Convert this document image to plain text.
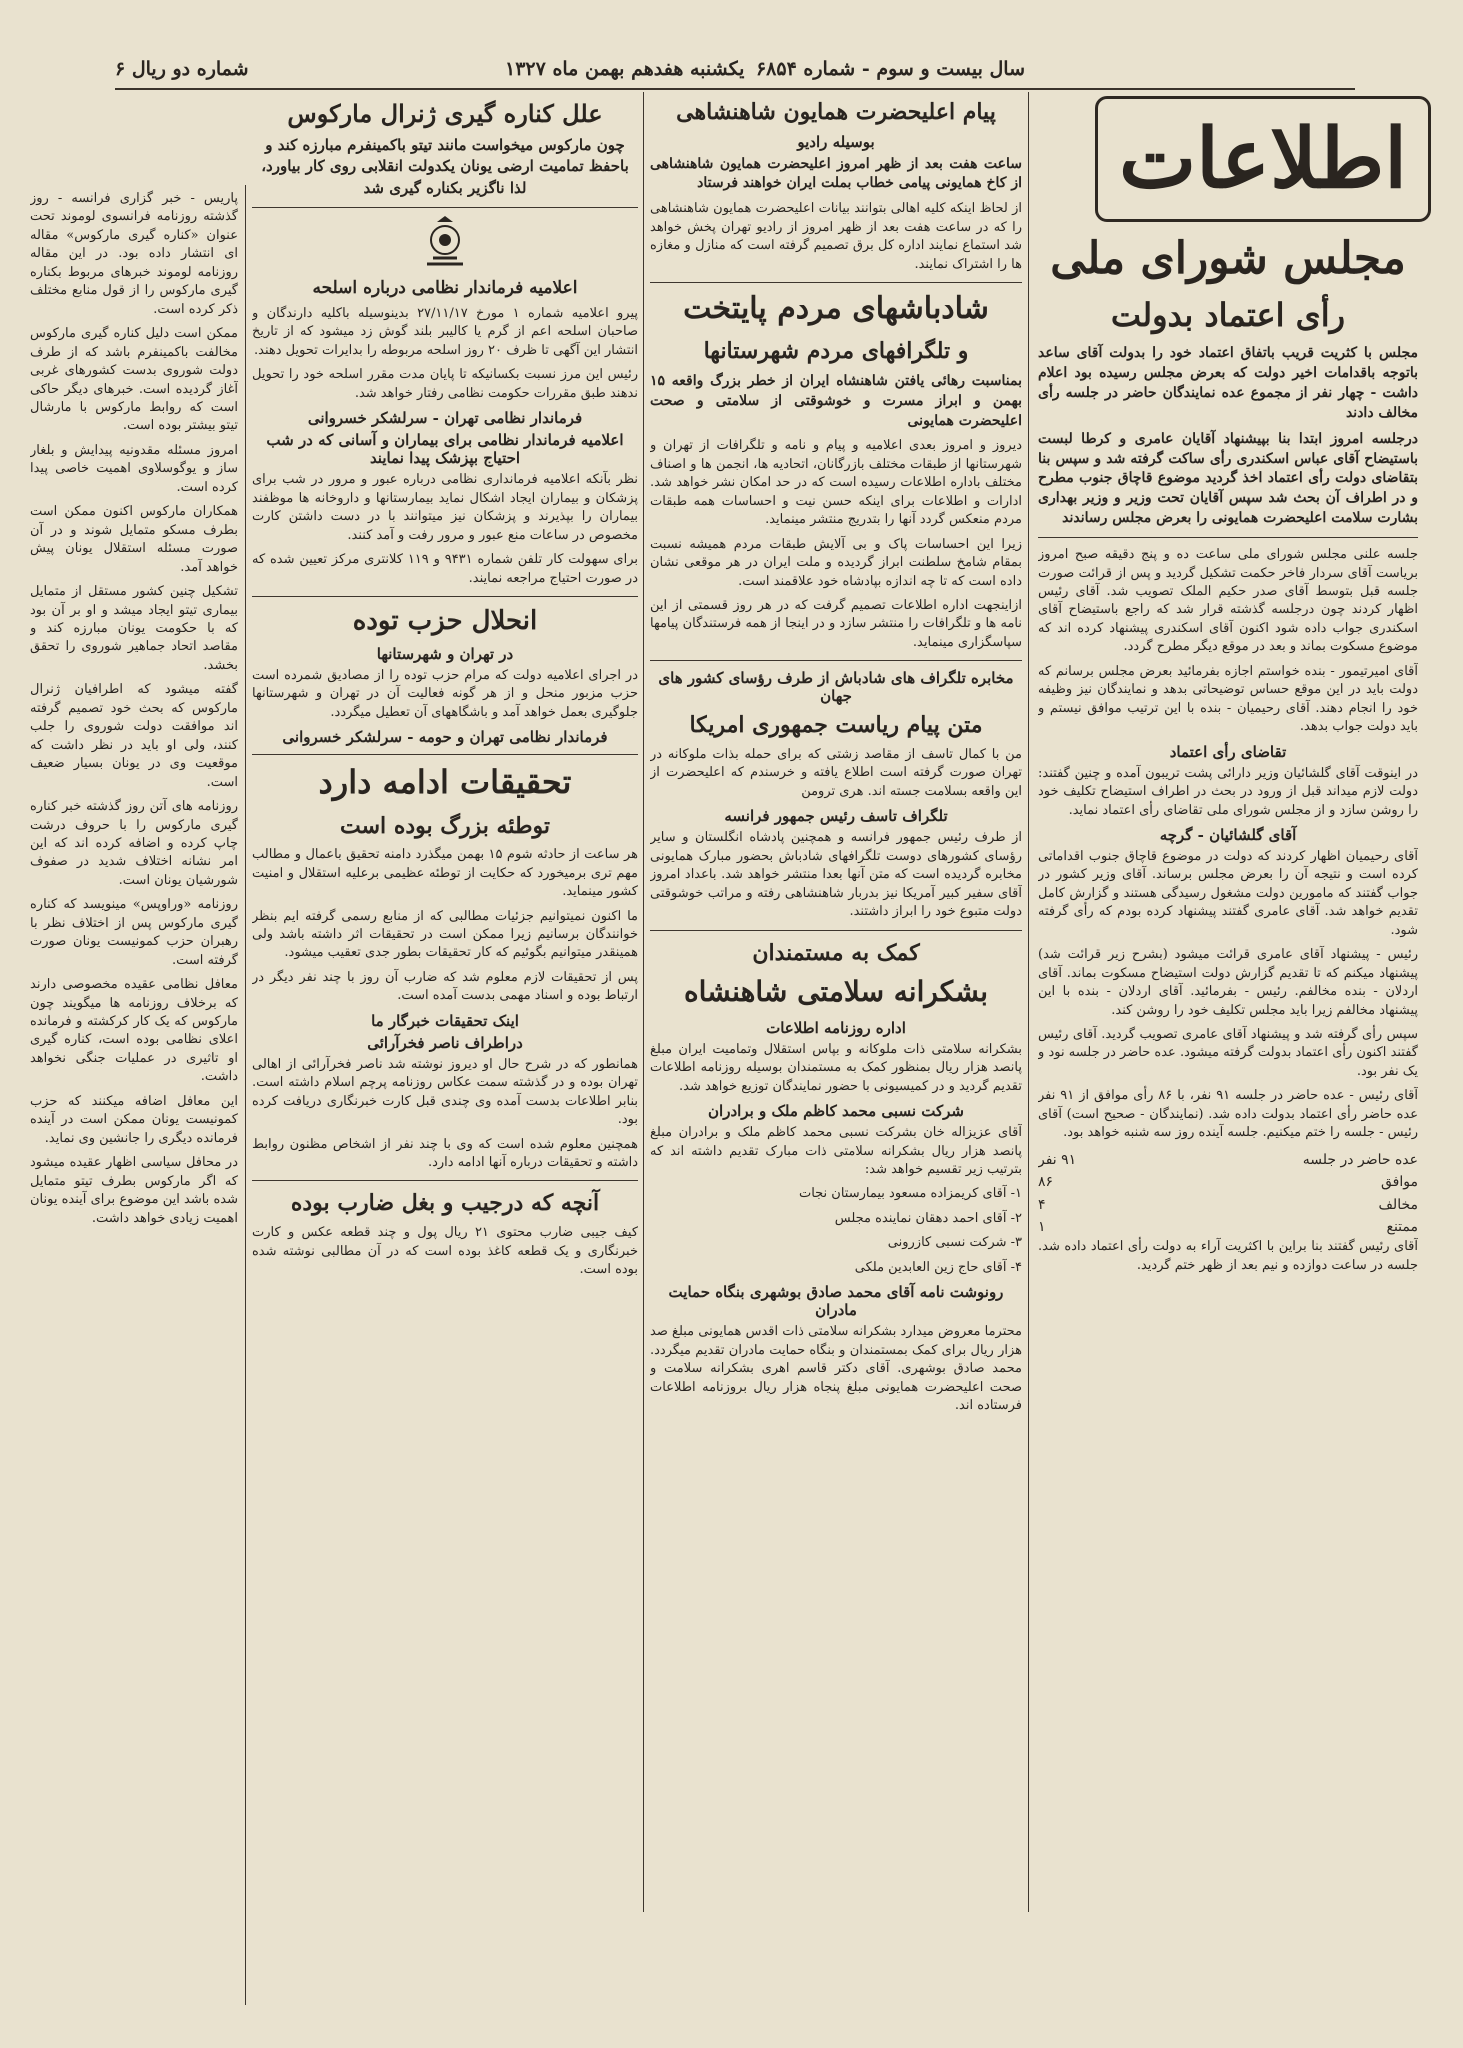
سال بیست و سوم - شماره ۶۸۵۴
یکشنبه هفدهم بهمن ماه ۱۳۲۷
۶ شماره دو ریال
اطلاعات
مجلس شورای ملی
رأی اعتماد بدولت
مجلس با کثریت قریب باتفاق اعتماد خود را بدولت آقای ساعد باتوجه باقدامات اخیر دولت که بعرض مجلس رسیده بود اعلام داشت - چهار نفر از مجموع عده نمایندگان حاضر در جلسه رأی مخالف دادند
درجلسه امروز ابتدا بنا بپیشنهاد آقایان عامری و کرطا لبست باستیضاح آقای عباس اسکندری رأی ساکت گرفته شد و سپس بنا بتقاضای دولت رأی اعتماد اخذ گردید موضوع قاچاق جنوب مطرح و در اطراف آن بحث شد سپس آقایان تحت وزیر و وزیر بهداری بشارت سلامت اعلیحضرت همایونی را بعرض مجلس رساندند
جلسه علنی مجلس شورای ملی ساعت ده و پنج دقیقه صبح امروز بریاست آقای سردار فاخر حکمت تشکیل گردید و پس از قرائت صورت جلسه قبل بتوسط آقای صدر حکیم الملک تصویب شد. آقای رئیس اظهار کردند چون درجلسه گذشته قرار شد که راجع باستیضاح آقای اسکندری جواب داده شود اکنون آقای اسکندری پیشنهاد کرده اند که موضوع مسکوت بماند و بعد در موقع دیگر مطرح گردد.
آقای امیرتیمور - بنده خواستم اجازه بفرمائید بعرض مجلس برسانم که دولت باید در این موقع حساس توضیحاتی بدهد و نمایندگان نیز وظیفه خود را انجام دهند. آقای رحیمیان - بنده با این ترتیب موافق نیستم و باید دولت جواب بدهد.
تقاضای رأی اعتماد
در اینوقت آقای گلشائیان وزیر دارائی پشت تریبون آمده و چنین گفتند: دولت لازم میداند قبل از ورود در بحث در اطراف استیضاح تکلیف خود را روشن سازد و از مجلس شورای ملی تقاضای رأی اعتماد نماید.
آقای گلشائیان - گرچه
آقای رحیمیان اظهار کردند که دولت در موضوع قاچاق جنوب اقداماتی کرده است و نتیجه آن را بعرض مجلس برساند. آقای وزیر کشور در جواب گفتند که مامورین دولت مشغول رسیدگی هستند و گزارش کامل تقدیم خواهد شد. آقای عامری گفتند پیشنهاد کرده بودم که رأی گرفته شود.
رئیس - پیشنهاد آقای عامری قرائت میشود (بشرح زیر قرائت شد) پیشنهاد میکنم که تا تقدیم گزارش دولت استیضاح مسکوت بماند. آقای اردلان - بنده مخالفم. رئیس - بفرمائید. آقای اردلان - بنده با این پیشنهاد مخالفم زیرا باید مجلس تکلیف خود را روشن کند.
سپس رأی گرفته شد و پیشنهاد آقای عامری تصویب گردید. آقای رئیس گفتند اکنون رأی اعتماد بدولت گرفته میشود. عده حاضر در جلسه نود و یک نفر بود.
آقای رئیس - عده حاضر در جلسه ۹۱ نفر، با ۸۶ رأی موافق از ۹۱ نفر عده حاضر رأی اعتماد بدولت داده شد. (نمایندگان - صحیح است) آقای رئیس - جلسه را ختم میکنیم. جلسه آینده روز سه شنبه خواهد بود.
عده حاضر در جلسه
۹۱ نفر
موافق
۸۶
مخالف
۴
ممتنع
۱
آقای رئیس گفتند بنا براین با اکثریت آراء به دولت رأی اعتماد داده شد. جلسه در ساعت دوازده و نیم بعد از ظهر ختم گردید.
پیام اعلیحضرت همایون شاهنشاهی
بوسیله رادیو
ساعت هفت بعد از ظهر امروز اعلیحضرت همایون شاهنشاهی از کاخ همایونی پیامی خطاب بملت ایران خواهند فرستاد
از لحاظ اینکه کلیه اهالی بتوانند بیانات اعلیحضرت همایون شاهنشاهی را که در ساعت هفت بعد از ظهر امروز از رادیو تهران پخش خواهد شد استماع نمایند اداره کل برق تصمیم گرفته است که منازل و مغازه ها را اشتراک نمایند.
شادباشهای مردم پایتخت
و تلگرافهای مردم شهرستانها
بمناسبت رهائی یافتن شاهنشاه ایران از خطر بزرگ واقعه ۱۵ بهمن و ابراز مسرت و خوشوقتی از سلامتی و صحت اعلیحضرت همایونی
دیروز و امروز بعدی اعلامیه و پیام و نامه و تلگرافات از تهران و شهرستانها از طبقات مختلف بازرگانان، اتحادیه ها، انجمن ها و اصناف مختلف باداره اطلاعات رسیده است که در حد امکان نشر خواهد شد. ادارات و اطلاعات برای اینکه حسن نیت و احساسات همه طبقات مردم منعکس گردد آنها را بتدریج منتشر مینماید.
زیرا این احساسات پاک و بی آلایش طبقات مردم همیشه نسبت بمقام شامخ سلطنت ابراز گردیده و ملت ایران در هر موقعی نشان داده است که تا چه اندازه بپادشاه خود علاقمند است.
ازاینجهت اداره اطلاعات تصمیم گرفت که در هر روز قسمتی از این نامه ها و تلگرافات را منتشر سازد و در اینجا از همه فرستندگان پیامها سپاسگزاری مینماید.
مخابره تلگراف های شادباش از طرف رؤسای کشور های جهان
متن پیام ریاست جمهوری امریکا
من با کمال تاسف از مقاصد زشتی که برای حمله بذات ملوکانه در تهران صورت گرفته است اطلاع یافته و خرسندم که اعلیحضرت از این واقعه بسلامت جسته اند. هری ترومن
تلگراف تاسف رئیس جمهور فرانسه
از طرف رئیس جمهور فرانسه و همچنین پادشاه انگلستان و سایر رؤسای کشورهای دوست تلگرافهای شادباش بحضور مبارک همایونی مخابره گردیده است که متن آنها بعدا منتشر خواهد شد. باعداد امروز آقای سفیر کبیر آمریکا نیز بدربار شاهنشاهی رفته و مراتب خوشوقتی دولت متبوع خود را ابراز داشتند.
کمک به مستمندان
بشکرانه سلامتی شاهنشاه
اداره روزنامه اطلاعات
بشکرانه سلامتی ذات ملوکانه و بپاس استقلال وتمامیت ایران مبلغ پانصد هزار ریال بمنظور کمک به مستمندان بوسیله روزنامه اطلاعات تقدیم گردید و در کمیسیونی با حضور نمایندگان توزیع خواهد شد.
شرکت نسبی محمد کاظم ملک و برادران
آقای عزیزاله خان بشرکت نسبی محمد کاظم ملک و برادران مبلغ پانصد هزار ریال بشکرانه سلامتی ذات مبارک تقدیم داشته اند که بترتیب زیر تقسیم خواهد شد:
۱- آقای کریمزاده مسعود بیمارستان نجات
۲- آقای احمد دهقان نماینده مجلس
۳- شرکت نسبی کازرونی
۴- آقای حاج زین العابدین ملکی
رونوشت نامه آقای محمد صادق بوشهری بنگاه حمایت مادران
محترما معروض میدارد بشکرانه سلامتی ذات اقدس همایونی مبلغ صد هزار ریال برای کمک بمستمندان و بنگاه حمایت مادران تقدیم میگردد. محمد صادق بوشهری. آقای دکتر قاسم اهری بشکرانه سلامت و صحت اعلیحضرت همایونی مبلغ پنجاه هزار ریال بروزنامه اطلاعات فرستاده اند.
علل کناره گیری ژنرال مارکوس
چون مارکوس میخواست مانند تیتو باکمینفرم مبارزه کند و باحفظ تمامیت ارضی یونان یکدولت انقلابی روی کار بیاورد، لذا ناگزیر بکناره گیری شد
اعلامیه فرماندار نظامی درباره اسلحه
پیرو اعلامیه شماره ۱ مورخ ۲۷/۱۱/۱۷ بدینوسیله باکلیه دارندگان و صاحبان اسلحه اعم از گرم یا کالیبر بلند گوش زد میشود که از تاریخ انتشار این آگهی تا ظرف ۲۰ روز اسلحه مربوطه را بدایرات تحویل دهند.
رئیس این مرز نسبت بکسانیکه تا پایان مدت مقرر اسلحه خود را تحویل ندهند طبق مقررات حکومت نظامی رفتار خواهد شد.
فرماندار نظامی تهران - سرلشکر خسروانی
اعلامیه فرماندار نظامی برای بیماران و آسانی که در شب احتیاج بپزشک پیدا نمایند
نظر بآنکه اعلامیه فرمانداری نظامی درباره عبور و مرور در شب برای پزشکان و بیماران ایجاد اشکال نماید بیمارستانها و داروخانه ها موظفند بیماران را بپذیرند و پزشکان نیز میتوانند با در دست داشتن کارت مخصوص در ساعات منع عبور و مرور رفت و آمد کنند.
برای سهولت کار تلفن شماره ۹۴۳۱ و ۱۱۹ کلانتری مرکز تعیین شده که در صورت احتیاج مراجعه نمایند.
انحلال حزب توده
در تهران و شهرستانها
در اجرای اعلامیه دولت که مرام حزب توده را از مصادیق شمرده است حزب مزبور منحل و از هر گونه فعالیت آن در تهران و شهرستانها جلوگیری بعمل خواهد آمد و باشگاههای آن تعطیل میگردد.
فرماندار نظامی تهران و حومه - سرلشکر خسروانی
تحقیقات ادامه دارد
توطئه بزرگ بوده است
هر ساعت از حادثه شوم ۱۵ بهمن میگذرد دامنه تحقیق باعمال و مطالب مهم تری برمیخورد که حکایت از توطئه عظیمی برعلیه استقلال و امنیت کشور مینماید.
ما اکنون نمیتوانیم جزئیات مطالبی که از منابع رسمی گرفته ایم بنظر خوانندگان برسانیم زیرا ممکن است در تحقیقات اثر داشته باشد ولی همینقدر میتوانیم بگوئیم که کار تحقیقات بطور جدی تعقیب میشود.
پس از تحقیقات لازم معلوم شد که ضارب آن روز با چند نفر دیگر در ارتباط بوده و اسناد مهمی بدست آمده است.
اینک تحقیقات خبرگار ما
دراطراف ناصر فخرآرائی
همانطور که در شرح حال او دیروز نوشته شد ناصر فخرآرائی از اهالی تهران بوده و در گذشته سمت عکاس روزنامه پرچم اسلام داشته است. بنابر اطلاعات بدست آمده وی چندی قبل کارت خبرنگاری دریافت کرده بود.
همچنین معلوم شده است که وی با چند نفر از اشخاص مظنون روابط داشته و تحقیقات درباره آنها ادامه دارد.
آنچه که درجیب و بغل ضارب بوده
کیف جیبی ضارب محتوی ۲۱ ریال پول و چند قطعه عکس و کارت خبرنگاری و یک قطعه کاغذ بوده است که در آن مطالبی نوشته شده بوده است.
پاریس - خبر گزاری فرانسه - روز گذشته روزنامه فرانسوی لوموند تحت عنوان «کناره گیری مارکوس» مقاله ای انتشار داده بود. در این مقاله روزنامه لوموند خبرهای مربوط بکناره گیری مارکوس را از قول منابع مختلف ذکر کرده است.
ممکن است دلیل کناره گیری مارکوس مخالفت باکمینفرم باشد که از طرف دولت شوروی بدست کشورهای غربی آغاز گردیده است. خبرهای دیگر حاکی است که روابط مارکوس با مارشال تیتو بیشتر بوده است.
امروز مسئله مقدونیه پیدایش و بلغار ساز و یوگوسلاوی اهمیت خاصی پیدا کرده است.
همکاران مارکوس اکنون ممکن است بطرف مسکو متمایل شوند و در آن صورت مسئله استقلال یونان پیش خواهد آمد.
تشکیل چنین کشور مستقل از متمایل بیماری تیتو ایجاد میشد و او بر آن بود که با حکومت یونان مبارزه کند و مقاصد اتحاد جماهیر شوروی را تحقق بخشد.
گفته میشود که اطرافیان ژنرال مارکوس که بحث خود تصمیم گرفته اند موافقت دولت شوروی را جلب کنند، ولی او باید در نظر داشت که موقعیت وی در یونان بسیار ضعیف است.
روزنامه های آتن روز گذشته خبر کناره گیری مارکوس را با حروف درشت چاپ کرده و اضافه کرده اند که این امر نشانه اختلاف شدید در صفوف شورشیان یونان است.
روزنامه «وراوپس» مینویسد که کناره گیری مارکوس پس از اختلاف نظر با رهبران حزب کمونیست یونان صورت گرفته است.
معافل نظامی عقیده مخصوصی دارند که برخلاف روزنامه ها میگویند چون مارکوس که یک کار کرکشته و فرمانده اعلای نظامی بوده است، کناره گیری او تاثیری در عملیات جنگی نخواهد داشت.
این معافل اضافه میکنند که حزب کمونیست یونان ممکن است در آینده فرمانده دیگری را جانشین وی نماید.
در محافل سیاسی اظهار عقیده میشود که اگر مارکوس بطرف تیتو متمایل شده باشد این موضوع برای آینده یونان اهمیت زیادی خواهد داشت.
